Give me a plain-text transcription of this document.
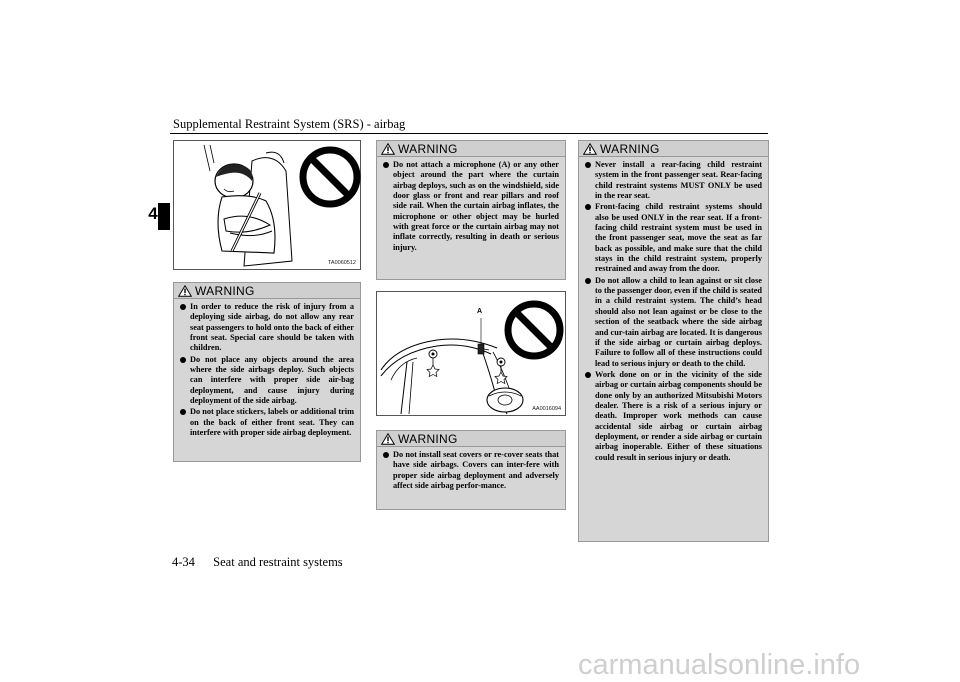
Supplemental Restraint System (SRS) - airbag
4
TA0060512
WARNING
In order to reduce the risk of injury from a deploying side airbag, do not allow any rear seat passengers to hold onto the back of either front seat. Special care should be taken with children.
Do not place any objects around the area where the side airbags deploy. Such objects can interfere with proper side air-bag deployment, and cause injury during deployment of the side airbag.
Do not place stickers, labels or additional trim on the back of either front seat. They can interfere with proper side airbag deployment.
WARNING
Do not attach a microphone (A) or any other object around the part where the curtain airbag deploys, such as on the windshield, side door glass or front and rear pillars and roof side rail. When the curtain airbag inflates, the microphone or other object may be hurled with great force or the curtain airbag may not inflate correctly, resulting in death or serious injury.
A
AA0016094
WARNING
Do not install seat covers or re-cover seats that have side airbags. Covers can inter-fere with proper side airbag deployment and adversely affect side airbag perfor-mance.
WARNING
Never install a rear-facing child restraint system in the front passenger seat. Rear-facing child restraint systems MUST ONLY be used in the rear seat.
Front-facing child restraint systems should also be used ONLY in the rear seat. If a front-facing child restraint system must be used in the front passenger seat, move the seat as far back as possible, and make sure that the child stays in the child restraint system, properly restrained and away from the door.
Do not allow a child to lean against or sit close to the passenger door, even if the child is seated in a child restraint system. The child’s head should also not lean against or be close to the section of the seatback where the side airbag and cur-tain airbag are located. It is dangerous if the side airbag or curtain airbag deploys. Failure to follow all of these instructions could lead to serious injury or death to the child.
Work done on or in the vicinity of the side airbag or curtain airbag components should be done only by an authorized Mitsubishi Motors dealer. There is a risk of a serious injury or death. Improper work methods can cause accidental side airbag or curtain airbag deployment, or render a side airbag or curtain airbag inoperable. Either of these situations could result in serious injury or death.
4-34 Seat and restraint systems
carmanualsonline.info
